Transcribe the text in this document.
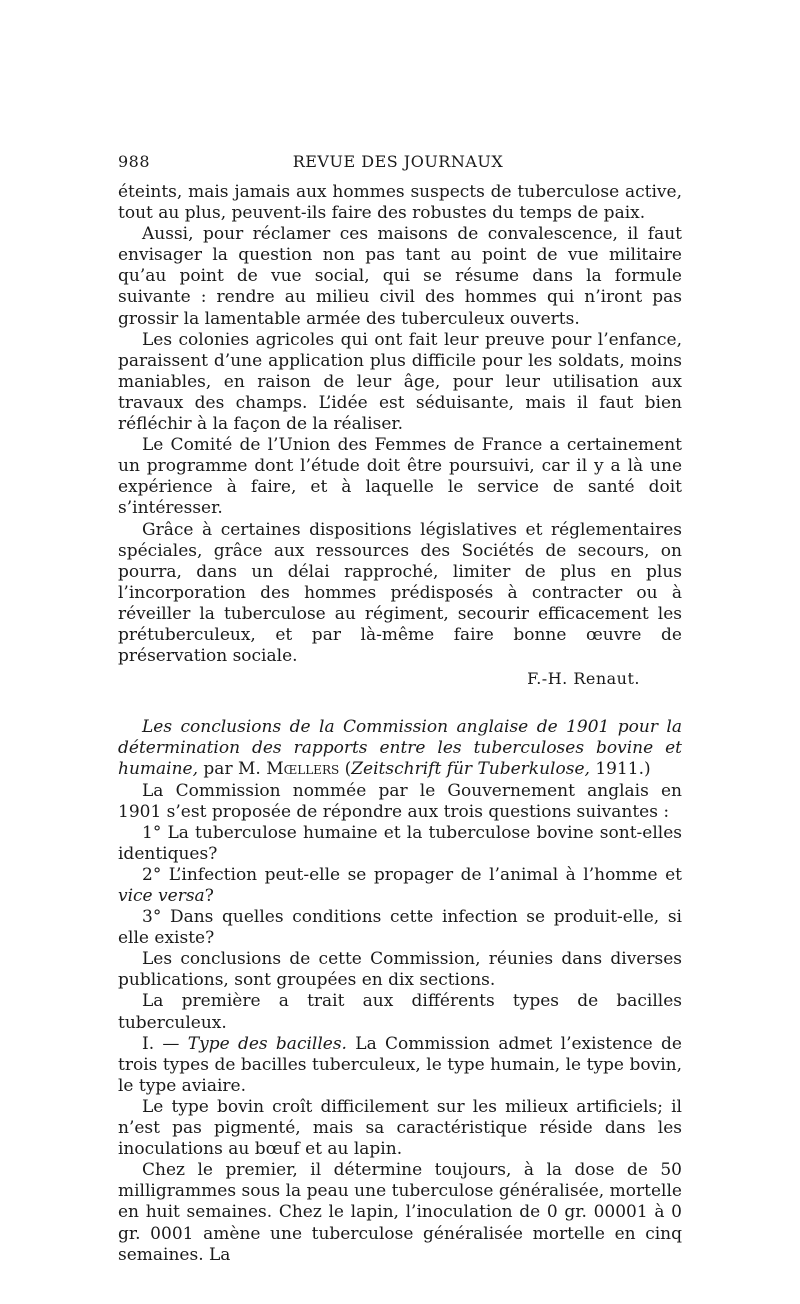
988	REVUE DES JOURNAUX

éteints, mais jamais aux hommes suspects de tuberculose active, tout au plus, peuvent-ils faire des robustes du temps de paix.

Aussi, pour réclamer ces maisons de convalescence, il faut envisager la question non pas tant au point de vue militaire qu’au point de vue social, qui se résume dans la formule suivante : rendre au milieu civil des hommes qui n’iront pas grossir la lamentable armée des tuberculeux ouverts.

Les colonies agricoles qui ont fait leur preuve pour l’enfance, paraissent d’une application plus difficile pour les soldats, moins maniables, en raison de leur âge, pour leur utilisation aux travaux des champs. L’idée est séduisante, mais il faut bien réfléchir à la façon de la réaliser.

Le Comité de l’Union des Femmes de France a certainement un programme dont l’étude doit être poursuivi, car il y a là une expérience à faire, et à laquelle le service de santé doit s’intéresser.

Grâce à certaines dispositions législatives et réglementaires spéciales, grâce aux ressources des Sociétés de secours, on pourra, dans un délai rapproché, limiter de plus en plus l’incorporation des hommes prédisposés à contracter ou à réveiller la tuberculose au régiment, secourir efficacement les prétuberculeux, et par là-même faire bonne œuvre de préservation sociale.

F.-H. Renaut.

Les conclusions de la Commission anglaise de 1901 pour la détermination des rapports entre les tuberculoses bovine et humaine, par M. Mœllers (Zeitschrift für Tuberkulose, 1911.)

La Commission nommée par le Gouvernement anglais en 1901 s’est proposée de répondre aux trois questions suivantes :

1° La tuberculose humaine et la tuberculose bovine sont-elles identiques?

2° L’infection peut-elle se propager de l’animal à l’homme et vice versa?

3° Dans quelles conditions cette infection se produit-elle, si elle existe?

Les conclusions de cette Commission, réunies dans diverses publications, sont groupées en dix sections.

La première a trait aux différents types de bacilles tuberculeux.

I. — Type des bacilles. La Commission admet l’existence de trois types de bacilles tuberculeux, le type humain, le type bovin, le type aviaire.

Le type bovin croît difficilement sur les milieux artificiels; il n’est pas pigmenté, mais sa caractéristique réside dans les inoculations au bœuf et au lapin.

Chez le premier, il détermine toujours, à la dose de 50 milligrammes sous la peau une tuberculose généralisée, mortelle en huit semaines. Chez le lapin, l’inoculation de 0 gr. 00001 à 0 gr. 0001 amène une tuberculose généralisée mortelle en cinq semaines. La
